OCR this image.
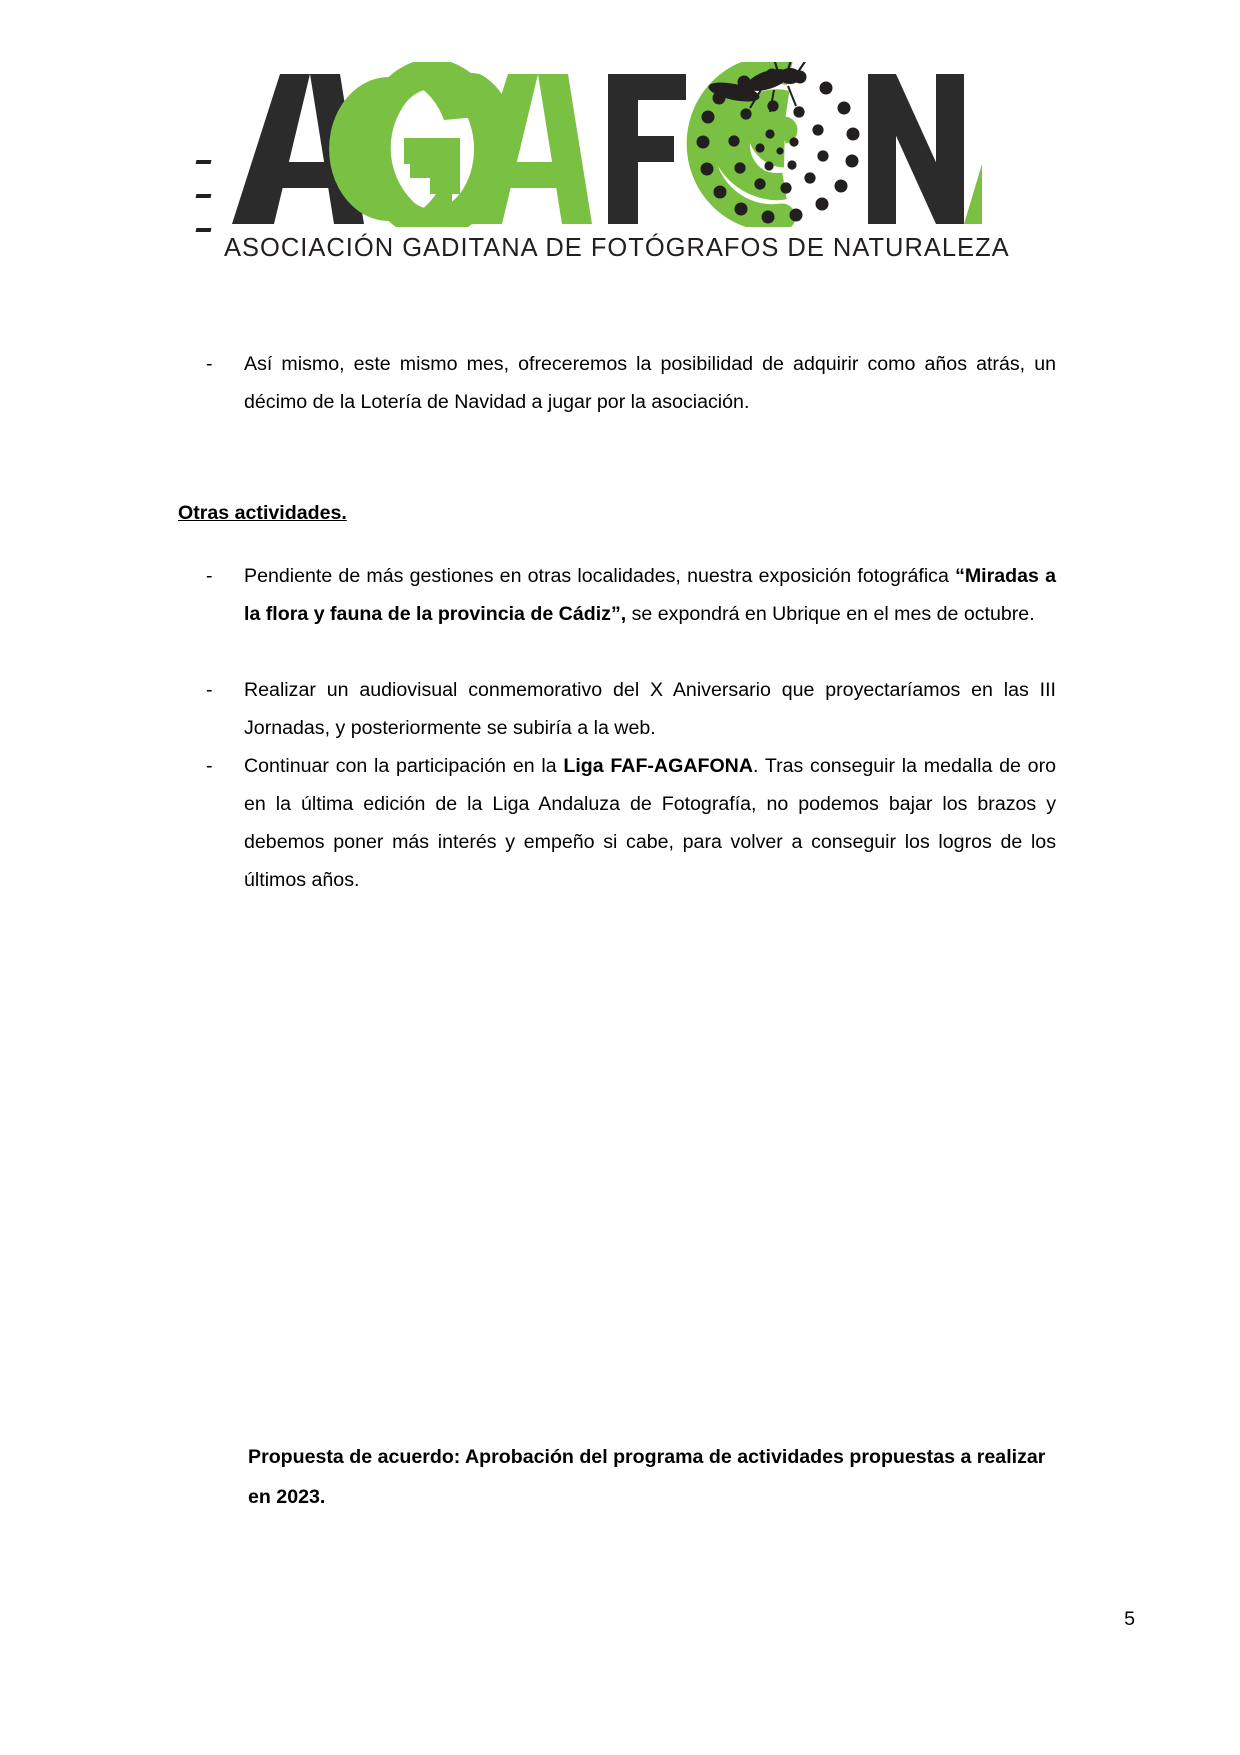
ASOCIACIÓN GADITANA DE FOTÓGRAFOS DE NATURALEZA
-	Así mismo, este mismo mes, ofreceremos la posibilidad de adquirir como años atrás, un décimo de la Lotería de Navidad a jugar por la asociación.
Otras actividades.
-	Pendiente de más gestiones en otras localidades, nuestra exposición fotográfica “Miradas a la flora y fauna de la provincia de Cádiz”, se expondrá en Ubrique en el mes de octubre.
-	Realizar un audiovisual conmemorativo del X Aniversario que proyectaríamos en las III Jornadas, y posteriormente se subiría a la web.
-	Continuar con la participación en la Liga FAF-AGAFONA. Tras conseguir la medalla de oro en la última edición de la Liga Andaluza de Fotografía, no podemos bajar los brazos y debemos poner más interés y empeño si cabe, para volver a conseguir los logros de los últimos años.
Propuesta de acuerdo: Aprobación del programa de actividades propuestas a realizar en 2023.
5
